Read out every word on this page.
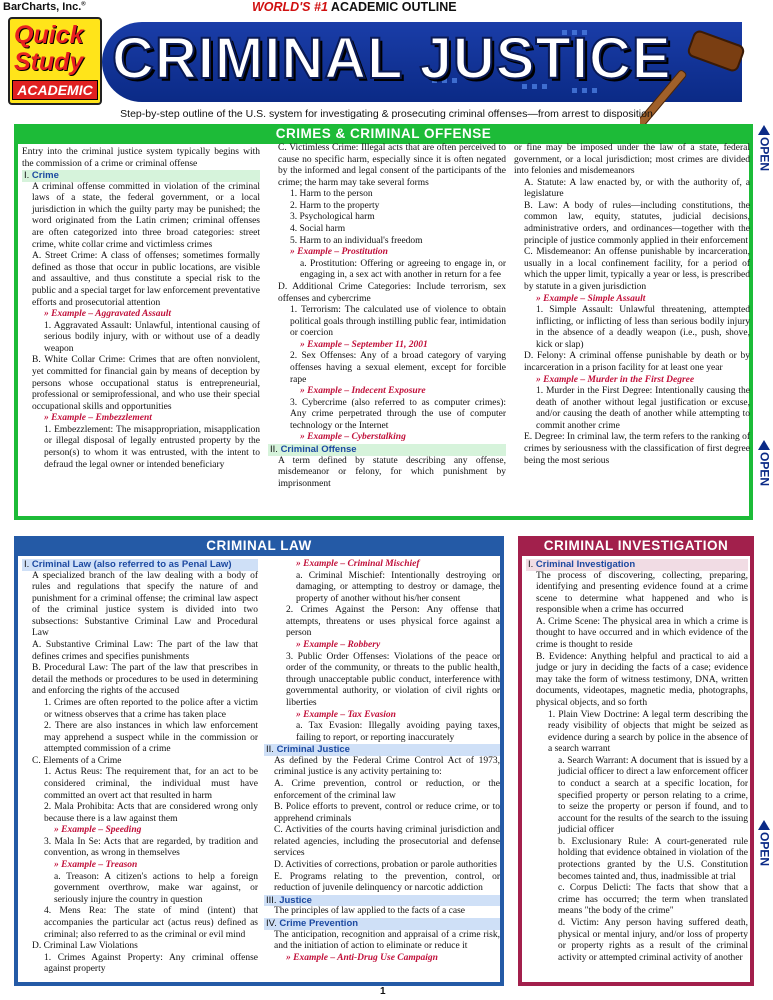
BarCharts, Inc.®	WORLD'S #1 ACADEMIC OUTLINE
Quick
Study
ACADEMIC CRIMINAL JUSTICE
Step-by-step outline of the U.S. system for investigating & prosecuting criminal offenses—from arrest to disposition
OPEN
OPEN
OPEN
CRIMES & CRIMINAL OFFENSE

Entry into the criminal justice system typically begins with the commission of a crime or criminal offense

I. Crime

A criminal offense committed in violation of the criminal laws of a state, the federal government, or a local jurisdiction in which the guilty party may be punished; the word originated from the Latin crimen; criminal offenses are often categorized into three broad categories: street crime, white collar crime and victimless crimes

A. Street Crime: A class of offenses; sometimes formally defined as those that occur in public locations, are visible and assaultive, and thus constitute a special risk to the public and a special target for law enforcement preventative efforts and prosecutorial attention

» Example – Aggravated Assault

1. Aggravated Assault: Unlawful, intentional causing of serious bodily injury, with or without use of a deadly weapon

B. White Collar Crime: Crimes that are often nonviolent, yet committed for financial gain by means of deception by persons whose occupational status is entrepreneurial, professional or semiprofessional, and who use their special occupational skills and opportunities

» Example – Embezzlement

1. Embezzlement: The misappropriation, misapplication or illegal disposal of legally entrusted property by the person(s) to whom it was entrusted, with the intent to defraud the legal owner or intended beneficiary

C. Victimless Crime: Illegal acts that are often perceived to cause no specific harm, especially since it is often negated by the informed and legal consent of the participants of the crime; the harm may take several forms

1. Harm to the person

2. Harm to the property

3. Psychological harm

4. Social harm

5. Harm to an individual's freedom

» Example – Prostitution

a. Prostitution: Offering or agreeing to engage in, or engaging in, a sex act with another in return for a fee

D. Additional Crime Categories: Include terrorism, sex offenses and cybercrime

1. Terrorism: The calculated use of violence to obtain political goals through instilling public fear, intimidation or coercion

» Example – September 11, 2001

2. Sex Offenses: Any of a broad category of varying offenses having a sexual element, except for forcible rape

» Example – Indecent Exposure

3. Cybercrime (also referred to as computer crimes): Any crime perpetrated through the use of computer technology or the Internet

» Example – Cyberstalking

II. Criminal Offense

A term defined by statute describing any offense, misdemeanor or felony, for which punishment by imprisonment

or fine may be imposed under the law of a state, federal government, or a local jurisdiction; most crimes are divided into felonies and misdemeanors

A. Statute: A law enacted by, or with the authority of, a legislature

B. Law: A body of rules—including constitutions, the common law, equity, statutes, judicial decisions, administrative orders, and ordinances—together with the principle of justice commonly applied in their enforcement

C. Misdemeanor: An offense punishable by incarceration, usually in a local confinement facility, for a period of which the upper limit, typically a year or less, is prescribed by statute in a given jurisdiction

» Example – Simple Assault

1. Simple Assault: Unlawful threatening, attempted inflicting, or inflicting of less than serious bodily injury in the absence of a deadly weapon (i.e., push, shove, kick or slap)

D. Felony: A criminal offense punishable by death or by incarceration in a prison facility for at least one year

» Example – Murder in the First Degree

1. Murder in the First Degree: Intentionally causing the death of another without legal justification or excuse, and/or causing the death of another while attempting to commit another crime

E. Degree: In criminal law, the term refers to the ranking of crimes by seriousness with the classification of first degree being the most serious

CRIMINAL LAW

I. Criminal Law (also referred to as Penal Law)

A specialized branch of the law dealing with a body of rules and regulations that specify the nature of and punishment for a criminal offense; the criminal law aspect of the criminal justice system is divided into two subsections: Substantive Criminal Law and Procedural Law

A. Substantive Criminal Law: The part of the law that defines crimes and specifies punishments

B. Procedural Law: The part of the law that prescribes in detail the methods or procedures to be used in determining and enforcing the rights of the accused

1. Crimes are often reported to the police after a victim or witness observes that a crime has taken place

2. There are also instances in which law enforcement may apprehend a suspect while in the commission or attempted commission of a crime

C. Elements of a Crime

1. Actus Reus: The requirement that, for an act to be considered criminal, the individual must have committed an overt act that resulted in harm

2. Mala Prohibita: Acts that are considered wrong only because there is a law against them

» Example – Speeding

3. Mala In Se: Acts that are regarded, by tradition and convention, as wrong in themselves

» Example – Treason

a. Treason: A citizen's actions to help a foreign government overthrow, make war against, or seriously injure the country in question

4. Mens Rea: The state of mind (intent) that accompanies the particular act (actus reus) defined as criminal; also referred to as the criminal or evil mind

D. Criminal Law Violations

1. Crimes Against Property: Any criminal offense against property

» Example – Criminal Mischief

a. Criminal Mischief: Intentionally destroying or damaging, or attempting to destroy or damage, the property of another without his/her consent

2. Crimes Against the Person: Any offense that attempts, threatens or uses physical force against a person

» Example – Robbery

3. Public Order Offenses: Violations of the peace or order of the community, or threats to the public health, through unacceptable public conduct, interference with governmental authority, or violation of civil rights or liberties

» Example – Tax Evasion

a. Tax Evasion: Illegally avoiding paying taxes, failing to report, or reporting inaccurately

II. Criminal Justice

As defined by the Federal Crime Control Act of 1973, criminal justice is any activity pertaining to:

A. Crime prevention, control or reduction, or the enforcement of the criminal law

B. Police efforts to prevent, control or reduce crime, or to apprehend criminals

C. Activities of the courts having criminal jurisdiction and related agencies, including the prosecutorial and defense services

D. Activities of corrections, probation or parole authorities

E. Programs relating to the prevention, control, or reduction of juvenile delinquency or narcotic addiction

III. Justice

The principles of law applied to the facts of a case

IV. Crime Prevention

The anticipation, recognition and appraisal of a crime risk, and the initiation of action to eliminate or reduce it

» Example – Anti-Drug Use Campaign

CRIMINAL INVESTIGATION

I. Criminal Investigation

The process of discovering, collecting, preparing, identifying and presenting evidence found at a crime scene to determine what happened and who is responsible when a crime has occurred

A. Crime Scene: The physical area in which a crime is thought to have occurred and in which evidence of the crime is thought to reside

B. Evidence: Anything helpful and practical to aid a judge or jury in deciding the facts of a case; evidence may take the form of witness testimony, DNA, written documents, videotapes, magnetic media, photographs, physical objects, and so forth

1. Plain View Doctrine: A legal term describing the ready visibility of objects that might be seized as evidence during a search by police in the absence of a search warrant

a. Search Warrant: A document that is issued by a judicial officer to direct a law enforcement officer to conduct a search at a specific location, for specified property or person relating to a crime, to seize the property or person if found, and to account for the results of the search to the issuing judicial officer

b. Exclusionary Rule: A court-generated rule holding that evidence obtained in violation of the protections granted by the U.S. Constitution becomes tainted and, thus, inadmissible at trial

c. Corpus Delicti: The facts that show that a crime has occurred; the term when translated means "the body of the crime"

d. Victim: Any person having suffered death, physical or mental injury, and/or loss of property or property rights as a result of the criminal activity or attempted criminal activity of another

1
